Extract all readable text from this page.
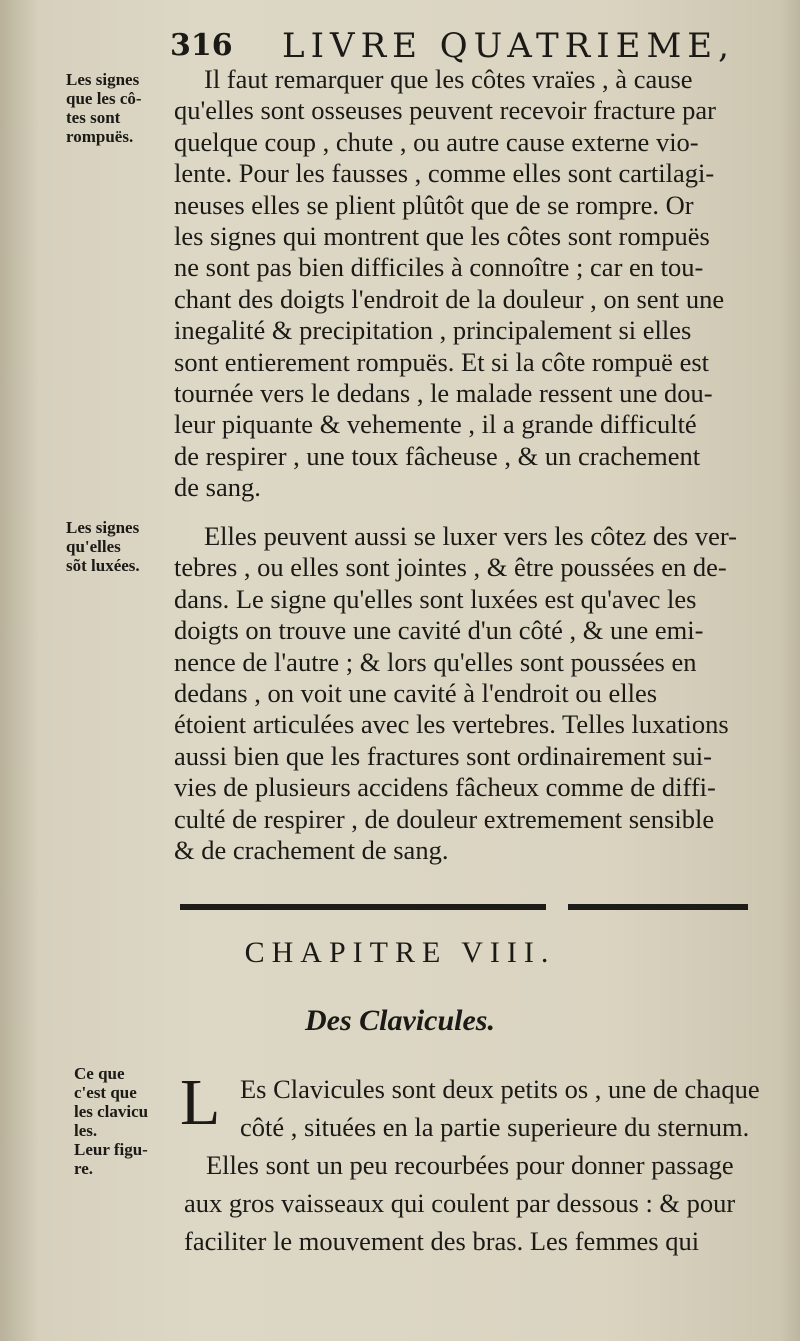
316 LIVRE QUATRIEME,
Les signes
que les cô-
tes sont
rompuës.
Les signes
qu'elles
sõt luxées.
Ce que
c'est que
les clavicu
les.
Leur figu-
re.
Il faut remarquer que les côtes vraïes , à cause
qu'elles sont osseuses peuvent recevoir fracture par
quelque coup , chute , ou autre cause externe vio-
lente. Pour les fausses , comme elles sont cartilagi-
neuses elles se plient plûtôt que de se rompre. Or
les signes qui montrent que les côtes sont rompuës
ne sont pas bien difficiles à connoître ; car en tou-
chant des doigts l'endroit de la douleur , on sent une
inegalité & precipitation , principalement si elles
sont entierement rompuës. Et si la côte rompuë est
tournée vers le dedans , le malade ressent une dou-
leur piquante & vehemente , il a grande difficulté
de respirer , une toux fâcheuse , & un crachement
de sang.
Elles peuvent aussi se luxer vers les côtez des ver-
tebres , ou elles sont jointes , & être poussées en de-
dans. Le signe qu'elles sont luxées est qu'avec les
doigts on trouve une cavité d'un côté , & une emi-
nence de l'autre ; & lors qu'elles sont poussées en
dedans , on voit une cavité à l'endroit ou elles
étoient articulées avec les vertebres. Telles luxations
aussi bien que les fractures sont ordinairement sui-
vies de plusieurs accidens fâcheux comme de diffi-
culté de respirer , de douleur extremement sensible
& de crachement de sang.
CHAPITRE VIII.
Des Clavicules.
L Es Clavicules sont deux petits os , une de chaque
côté , situées en la partie superieure du sternum.
Elles sont un peu recourbées pour donner passage
aux gros vaisseaux qui coulent par dessous : & pour
faciliter le mouvement des bras. Les femmes qui
